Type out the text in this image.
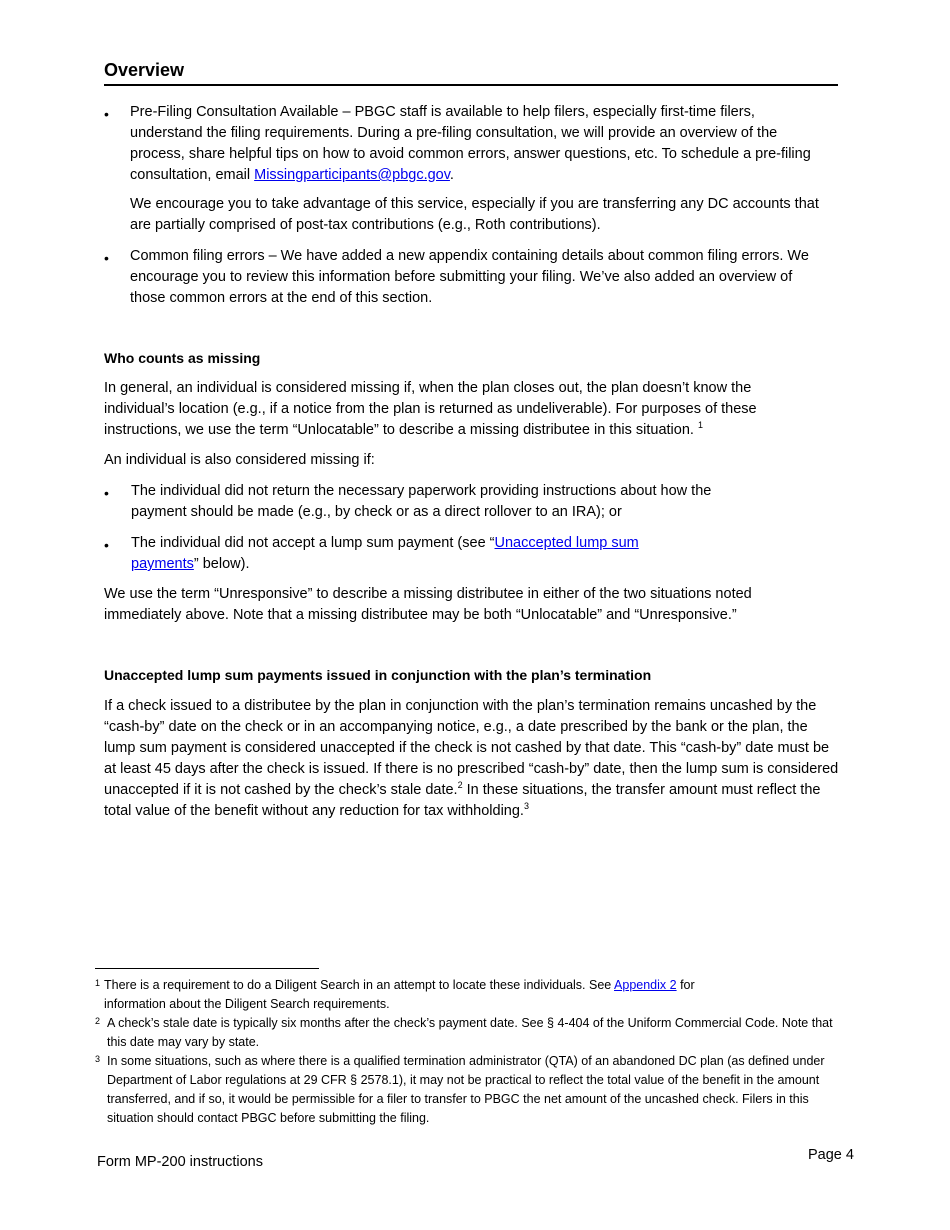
Overview
• Pre-Filing Consultation Available – PBGC staff is available to help filers, especially first-time filers, understand the filing requirements. During a pre-filing consultation, we will provide an overview of the process, share helpful tips on how to avoid common errors, answer questions, etc. To schedule a pre-filing consultation, email Missingparticipants@pbgc.gov.
We encourage you to take advantage of this service, especially if you are transferring any DC accounts that are partially comprised of post-tax contributions (e.g., Roth contributions).
• Common filing errors – We have added a new appendix containing details about common filing errors. We encourage you to review this information before submitting your filing. We’ve also added an overview of those common errors at the end of this section.
Who counts as missing
In general, an individual is considered missing if, when the plan closes out, the plan doesn’t know the individual’s location (e.g., if a notice from the plan is returned as undeliverable). For purposes of these instructions, we use the term “Unlocatable” to describe a missing distributee in this situation. $^1$
An individual is also considered missing if:
• The individual did not return the necessary paperwork providing instructions about how the payment should be made (e.g., by check or as a direct rollover to an IRA); or
• The individual did not accept a lump sum payment (see “Unaccepted lump sum payments” below).
We use the term “Unresponsive” to describe a missing distributee in either of the two situations noted immediately above. Note that a missing distributee may be both “Unlocatable” and “Unresponsive.”
Unaccepted lump sum payments issued in conjunction with the plan’s termination
If a check issued to a distributee by the plan in conjunction with the plan’s termination remains uncashed by the “cash-by” date on the check or in an accompanying notice, e.g., a date prescribed by the bank or the plan, the lump sum payment is considered unaccepted if the check is not cashed by that date. This “cash-by” date must be at least 45 days after the check is issued. If there is no prescribed “cash-by” date, then the lump sum is considered unaccepted if it is not cashed by the check’s stale date.$^2$ In these situations, the transfer amount must reflect the total value of the benefit without any reduction for tax withholding.$^3$
1 There is a requirement to do a Diligent Search in an attempt to locate these individuals. See Appendix 2 for information about the Diligent Search requirements.
2 A check’s stale date is typically six months after the check’s payment date. See § 4-404 of the Uniform Commercial Code. Note that this date may vary by state.
3 In some situations, such as where there is a qualified termination administrator (QTA) of an abandoned DC plan (as defined under Department of Labor regulations at 29 CFR § 2578.1), it may not be practical to reflect the total value of the benefit in the amount transferred, and if so, it would be permissible for a filer to transfer to PBGC the net amount of the uncashed check. Filers in this situation should contact PBGC before submitting the filing.
Form MP-200 instructions	Page 4
